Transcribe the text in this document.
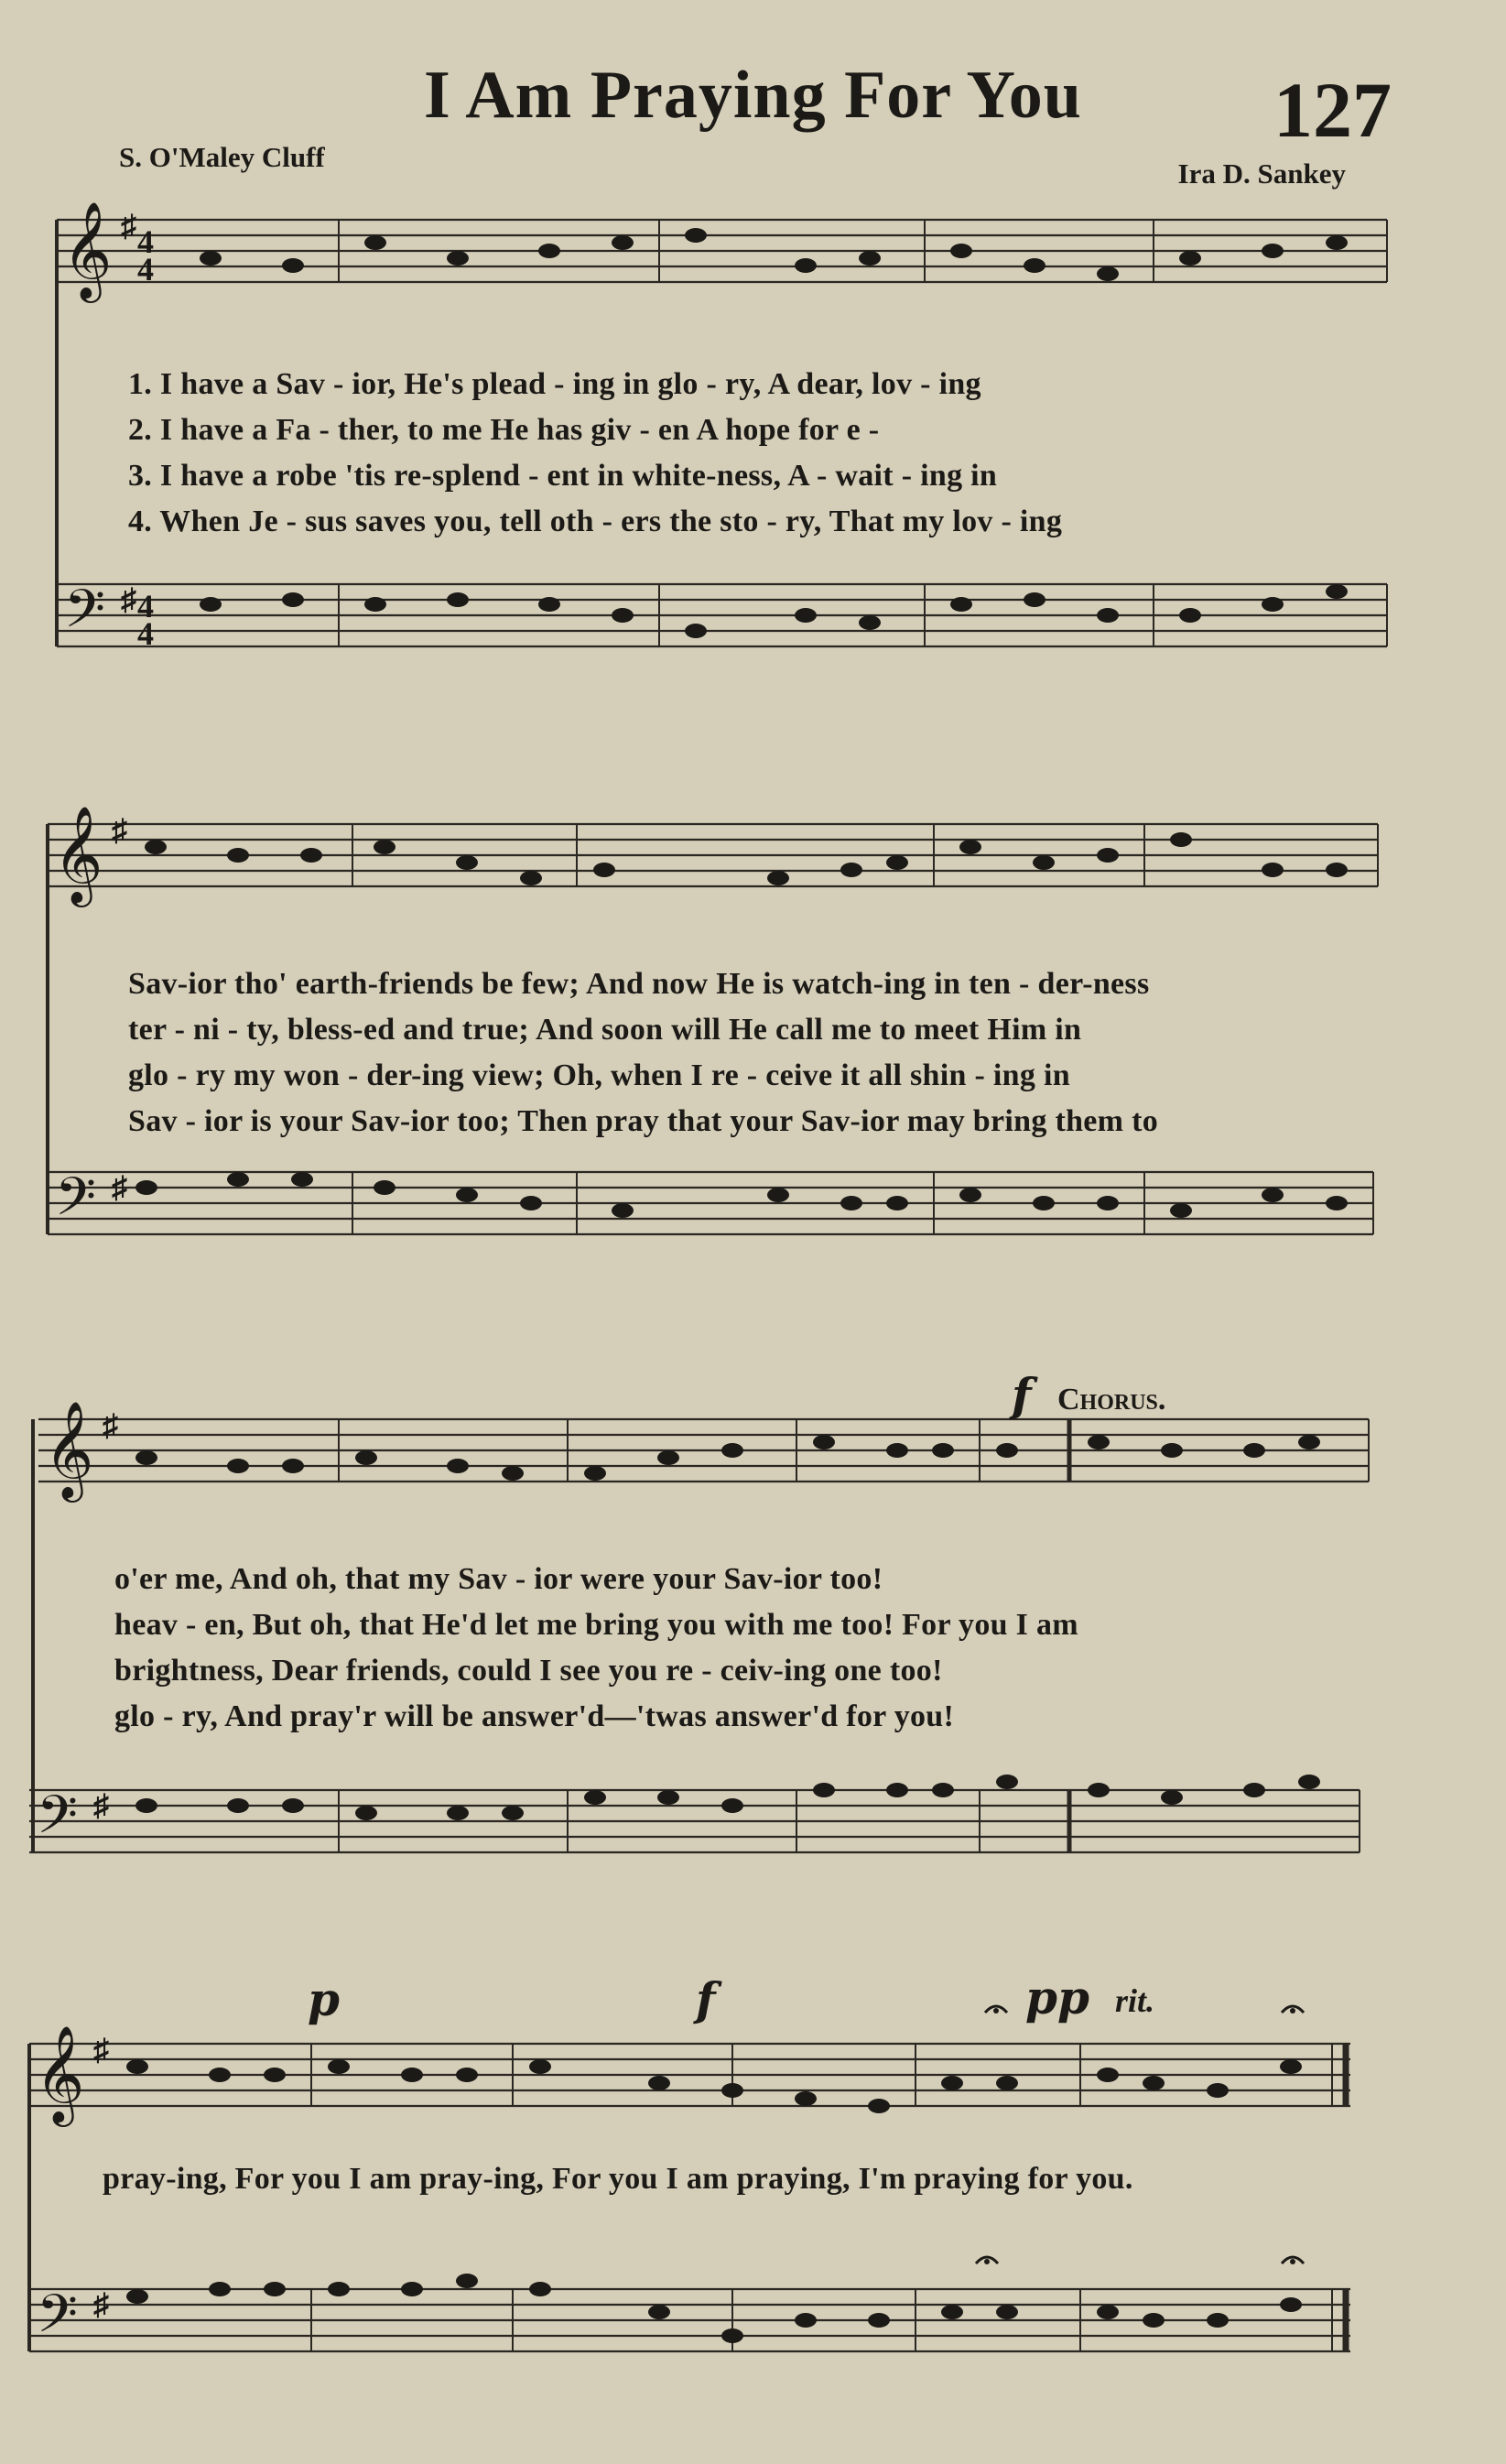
I Am Praying For You	127
S. O'Maley Cluff
Ira D. Sankey
𝄞
𝄢
♯
♯
4
4
4
4
1. I have a Sav - ior, He's plead - ing in glo - ry, A dear, lov - ing
2. I have a Fa - ther, to me He has giv - en A hope for e -
3. I have a robe 'tis re-splend - ent in white-ness, A - wait - ing in
4. When Je - sus saves you, tell oth - ers the sto - ry, That my lov - ing
𝄞
𝄢
♯
♯
Sav-ior tho' earth-friends be few; And now He is watch-ing in ten - der-ness
ter - ni - ty, bless-ed and true; And soon will He call me to meet Him in
glo - ry my won - der-ing view; Oh, when I re - ceive it all shin - ing in
Sav - ior is your Sav-ior too; Then pray that your Sav-ior may bring them to
𝄞
𝄢
♯
♯
f Chorus.
o'er me, And oh, that my Sav - ior were your Sav-ior too!
heav - en, But oh, that He'd let me bring you with me too! For you I am
brightness, Dear friends, could I see you re - ceiv-ing one too!
glo - ry, And pray'r will be answer'd—'twas answer'd for you!
𝄞
𝄢
♯
♯
p	f	pp rit.
pray-ing, For you I am pray-ing, For you I am praying, I'm praying for you.
